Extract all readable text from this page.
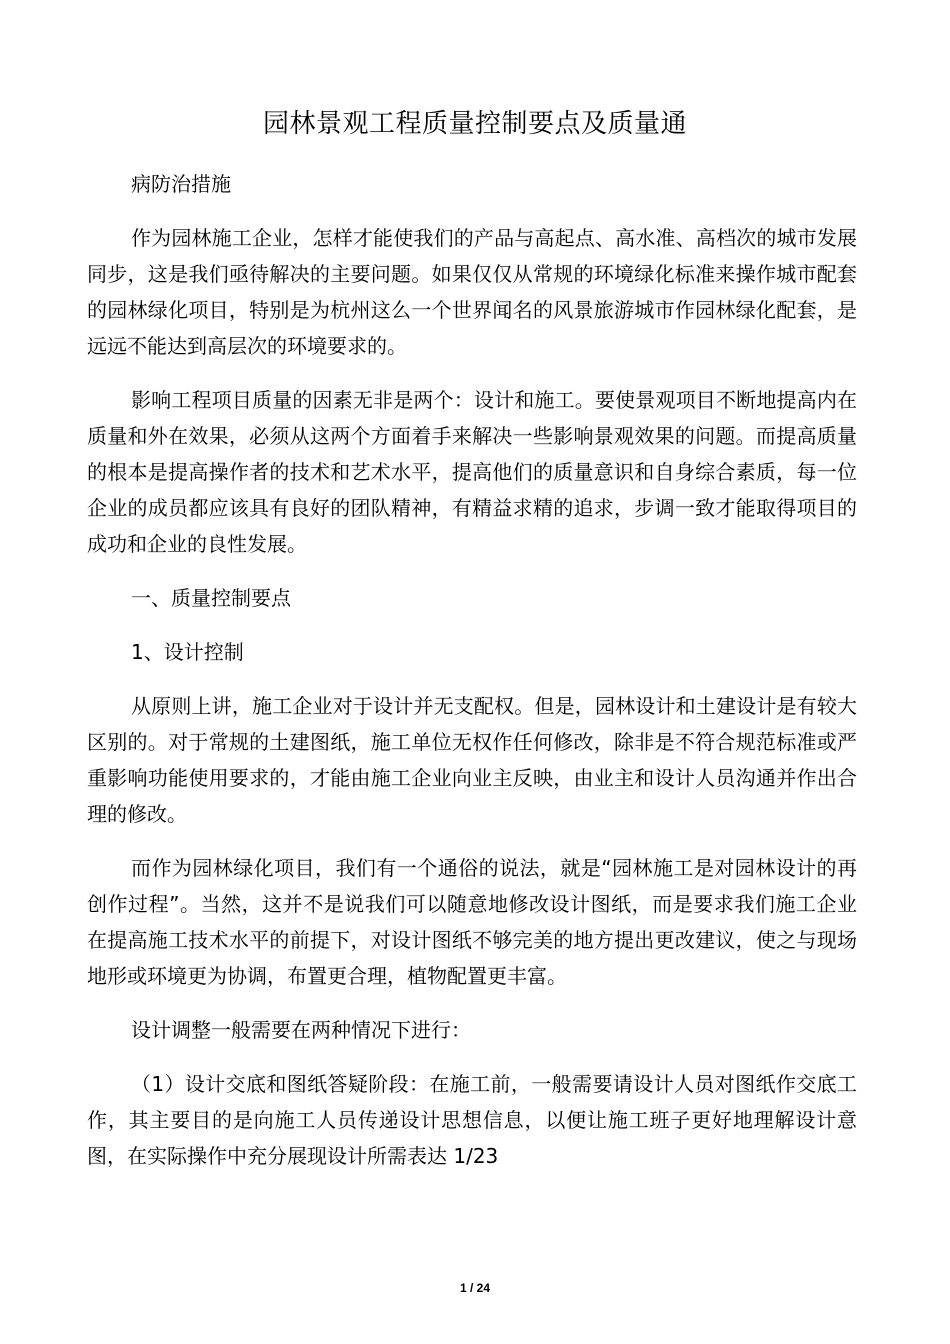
园林景观工程质量控制要点及质量通

病防治措施

作为园林施工企业，怎样才能使我们的产品与高起点、高水准、高档次的城市发展同步，这是我们亟待解决的主要问题。如果仅仅从常规的环境绿化标准来操作城市配套的园林绿化项目，特别是为杭州这么一个世界闻名的风景旅游城市作园林绿化配套，是远远不能达到高层次的环境要求的。

影响工程项目质量的因素无非是两个：设计和施工。要使景观项目不断地提高内在质量和外在效果，必须从这两个方面着手来解决一些影响景观效果的问题。而提高质量的根本是提高操作者的技术和艺术水平，提高他们的质量意识和自身综合素质，每一位企业的成员都应该具有良好的团队精神，有精益求精的追求，步调一致才能取得项目的成功和企业的良性发展。

一、质量控制要点

1、设计控制

从原则上讲，施工企业对于设计并无支配权。但是，园林设计和土建设计是有较大区别的。对于常规的土建图纸，施工单位无权作任何修改，除非是不符合规范标准或严重影响功能使用要求的，才能由施工企业向业主反映，由业主和设计人员沟通并作出合理的修改。

而作为园林绿化项目，我们有一个通俗的说法，就是“园林施工是对园林设计的再创作过程”。当然，这并不是说我们可以随意地修改设计图纸，而是要求我们施工企业在提高施工技术水平的前提下，对设计图纸不够完美的地方提出更改建议，使之与现场地形或环境更为协调，布置更合理，植物配置更丰富。

设计调整一般需要在两种情况下进行：

（1）设计交底和图纸答疑阶段：在施工前，一般需要请设计人员对图纸作交底工作，其主要目的是向施工人员传递设计思想信息，以便让施工班子更好地理解设计意图，在实际操作中充分展现设计所需表达 1/23

1 / 24
